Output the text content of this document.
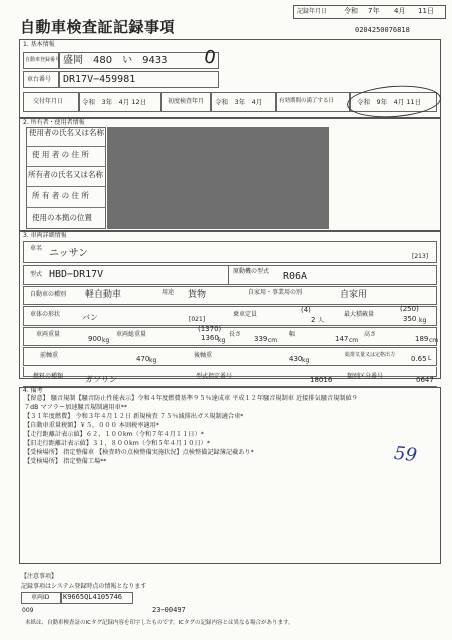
記録年月日 令和 7年 4月 11日
自動車検査証記録事項	0204250076818
1. 基本情報
自動車登録番号 盛岡　480　い　9433 0
車台番号 DR17V−459981
交付年月日	令和　3年　4月 12日	初度検査年月 令和　3年　4月	有効期間の満了する日	令和　9年　4月 11日
2. 所有者・使用者情報
使用者の氏名又は名称
使 用 者 の 住 所
所有者の氏名又は名称
所 有 者 の 住 所
使用の本拠の位置
3. 車両詳細情報
車名 ニッサン	[213]
型式 HBD−DR17V	原動機の型式 R06A
自動車の種別 軽自動車	用途 貨物	自家用・事業用の別	自家用
車体の形状	バン	[021]
乗車定員
(4)
2 人
最大積載量
(250)
350 kg
車両重量
900 kg
車両総重量
(1370)
1360 kg
長さ
339 cm
幅
147 cm
高さ
189 cm
前軸重	470 kg
後軸重	430 kg
総排気量又は定格出力 0.65 L
燃料の種類	ガソリン	型式指定番号	18016 類別区分番号	0647
4. 備考
【留意】 騒音規制【騒音防止性能表示】令和４年度燃費基準９５％達成車 平成１２年騒音規制車 近接排気騒音規制値９
７dB マフラー加速騒音規制適用車**
【３１年度燃費】 令和３年４月１２日 新規検査 ７５％減排出ガス規制適合車*
【自動車重量税額】￥５，０００ 本則税率適用*
【走行距離計表示値】６２，１００km（令和７年４月１１日）*
【旧走行距離計表示値】３１，８００km（令和５年４月１０日）*
【受検場所】 指定整備車 【検査時の点検整備実施状況】点検整備記録簿記載あり*
【受検場所】 指定整備工場**	59
【注意事項】
記録事項はシステム登録時点の情報となります
車両ID K9665QL4105746
009	23−00497
本紙は、自動車検査証のICタグ記録内容を印字したものです。ICタグの記録内容とは異なる場合があります。
